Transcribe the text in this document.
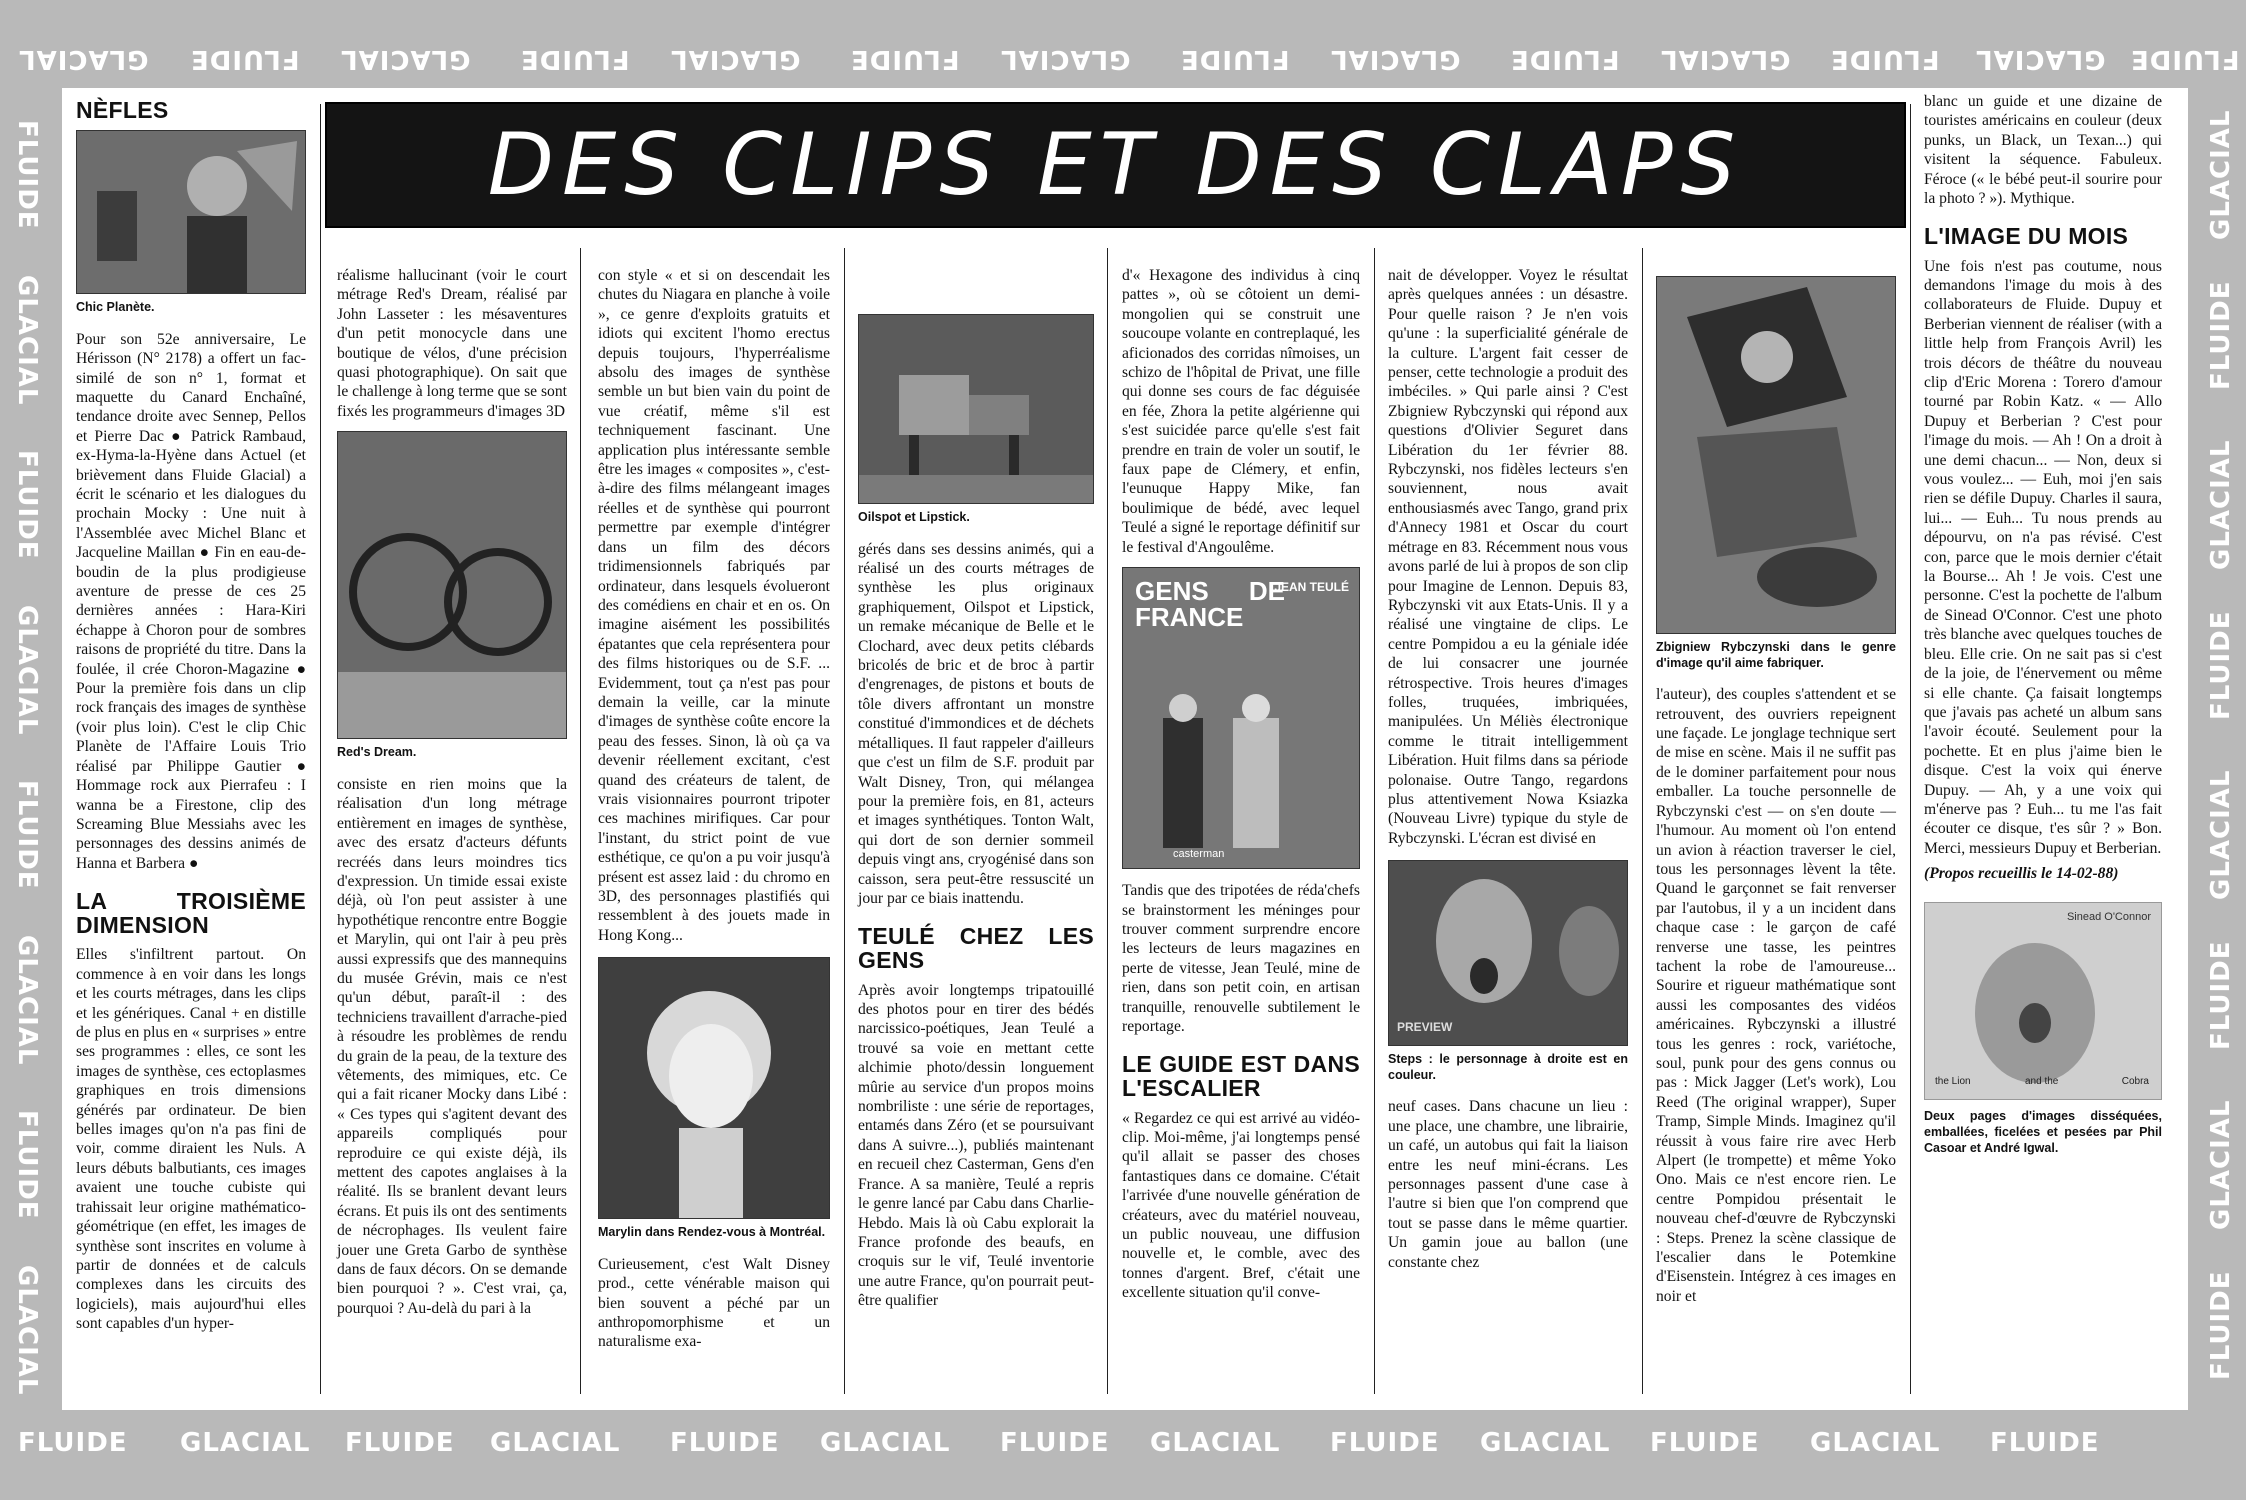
GLACIAL FLUIDE GLACIAL FLUIDE GLACIAL FLUIDE GLACIAL FLUIDE GLACIAL FLUIDE GLACIAL FLUIDE GLACIAL FLUIDE
FLUIDE GLACIAL FLUIDE GLACIAL FLUIDE GLACIAL FLUIDE GLACIAL FLUIDE GLACIAL FLUIDE GLACIAL FLUIDE
FLUIDE
GLACIAL
FLUIDE
GLACIAL
FLUIDE
GLACIAL
FLUIDE
GLACIAL
GLACIAL
FLUIDE
GLACIAL
FLUIDE
GLACIAL
FLUIDE
GLACIAL
FLUIDE
DES CLIPS ET DES CLAPS
NÈFLES
Chic Planète.

Pour son 52e anniversaire, Le Hérisson (N° 2178) a offert un fac-similé de son n° 1, format et maquette du Canard Enchaîné, tendance droite avec Sennep, Pellos et Pierre Dac ● Patrick Rambaud, ex-Hyma-la-Hyène dans Actuel (et brièvement dans Fluide Glacial) a écrit le scénario et les dialogues du prochain Mocky : Une nuit à l'Assemblée avec Michel Blanc et Jacqueline Maillan ● Fin en eau-de-boudin de la plus prodigieuse aventure de presse de ces 25 dernières années : Hara-Kiri échappe à Choron pour de sombres raisons de propriété du titre. Dans la foulée, il crée Choron-Magazine ● Pour la première fois dans un clip rock français des images de synthèse (voir plus loin). C'est le clip Chic Planète de l'Affaire Louis Trio réalisé par Philippe Gautier ● Hommage rock aux Pierrafeu : I wanna be a Firestone, clip des Screaming Blue Messiahs avec les personnages des dessins animés de Hanna et Barbera ●

LA TROISIÈME DIMENSION

Elles s'infiltrent partout. On commence à en voir dans les longs et les courts métrages, dans les clips et les génériques. Canal + en distille de plus en plus en « surprises » entre ses programmes : elles, ce sont les images de synthèse, ces ectoplasmes graphiques en trois dimensions générés par ordinateur. De bien belles images qu'on n'a pas fini de voir, comme diraient les Nuls. A leurs débuts balbutiants, ces images avaient une touche cubiste qui trahissait leur origine mathématico-géométrique (en effet, les images de synthèse sont inscrites en volume à partir de données et de calculs complexes dans les circuits des logiciels), mais aujourd'hui elles sont capables d'un hyper-

réalisme hallucinant (voir le court métrage Red's Dream, réalisé par John Lasseter : les mésaventures d'un petit monocycle dans une boutique de vélos, d'une précision quasi photographique). On sait que le challenge à long terme que se sont fixés les programmeurs d'images 3D

Red's Dream.

consiste en rien moins que la réalisation d'un long métrage entièrement en images de synthèse, avec des ersatz d'acteurs défunts recréés dans leurs moindres tics d'expression. Un timide essai existe déjà, où l'on peut assister à une hypothétique rencontre entre Boggie et Marylin, qui ont l'air à peu près aussi expressifs que des mannequins du musée Grévin, mais ce n'est qu'un début, paraît-il : des techniciens travaillent d'arrache-pied à résoudre les problèmes de rendu du grain de la peau, de la texture des vêtements, des mimiques, etc. Ce qui a fait ricaner Mocky dans Libé : « Ces types qui s'agitent devant des appareils compliqués pour reproduire ce qui existe déjà, ils mettent des capotes anglaises à la réalité. Ils se branlent devant leurs écrans. Et puis ils ont des sentiments de nécrophages. Ils veulent faire jouer une Greta Garbo de synthèse dans de faux décors. On se demande bien pourquoi ? ». C'est vrai, ça, pourquoi ? Au-delà du pari à la

con style « et si on descendait les chutes du Niagara en planche à voile », ce genre d'exploits gratuits et idiots qui excitent l'homo erectus depuis toujours, l'hyperréalisme absolu des images de synthèse semble un but bien vain du point de vue créatif, même s'il est techniquement fascinant. Une application plus intéressante semble être les images « composites », c'est-à-dire des films mélangeant images réelles et de synthèse qui pourront permettre par exemple d'intégrer dans un film des décors tridimensionnels fabriqués par ordinateur, dans lesquels évolueront des comédiens en chair et en os. On imagine aisément les possibilités épatantes que cela représentera pour des films historiques ou de S.F. ... Evidemment, tout ça n'est pas pour demain la veille, car la minute d'images de synthèse coûte encore la peau des fesses. Sinon, là où ça va devenir réellement excitant, c'est quand des créateurs de talent, de vrais visionnaires pourront tripoter ces machines mirifiques. Car pour l'instant, du strict point de vue esthétique, ce qu'on a pu voir jusqu'à présent est assez laid : du chromo en 3D, des personnages plastifiés qui ressemblent à des jouets made in Hong Kong...

Marylin dans Rendez-vous à Montréal.

Curieusement, c'est Walt Disney prod., cette vénérable maison qui bien souvent a péché par un anthropomorphisme et un naturalisme exa-

Oilspot et Lipstick.

gérés dans ses dessins animés, qui a réalisé un des courts métrages de synthèse les plus originaux graphiquement, Oilspot et Lipstick, un remake mécanique de Belle et le Clochard, avec deux petits clébards bricolés de bric et de broc à partir d'engrenages, de pistons et bouts de tôle divers affrontant un monstre constitué d'immondices et de déchets métalliques. Il faut rappeler d'ailleurs que c'est un film de S.F. produit par Walt Disney, Tron, qui mélangea pour la première fois, en 81, acteurs et images synthétiques. Tonton Walt, qui dort de son dernier sommeil depuis vingt ans, cryogénisé dans son caisson, sera peut-être ressuscité un jour par ce biais inattendu.

TEULÉ CHEZ LES GENS

Après avoir longtemps tripatouillé des photos pour en tirer des bédés narcissico-poétiques, Jean Teulé a trouvé sa voie en mettant cette alchimie photo/dessin longuement mûrie au service d'un propos moins nombriliste : une série de reportages, entamés dans Zéro (et se poursuivant dans A suivre...), publiés maintenant en recueil chez Casterman, Gens d'en France. A sa manière, Teulé a repris le genre lancé par Cabu dans Charlie-Hebdo. Mais là où Cabu explorait la France profonde des beaufs, en croquis sur le vif, Teulé inventorie une autre France, qu'on pourrait peut-être qualifier

d'« Hexagone des individus à cinq pattes », où se côtoient un demi-mongolien qui se construit une soucoupe volante en contreplaqué, les aficionados des corridas nîmoises, un schizo de l'hôpital de Privat, une fille qui donne ses cours de fac déguisée en fée, Zhora la petite algérienne qui s'est suicidée parce qu'elle s'est fait prendre en train de voler un soutif, le faux pape de Clémery, et enfin, l'eunuque Happy Mike, fan boulimique de bédé, avec lequel Teulé a signé le reportage définitif sur le festival d'Angoulême.

GENS DE FRANCE
JEAN TEULÉ
casterman

Tandis que des tripotées de réda'chefs se brainstorment les méninges pour trouver comment surprendre encore les lecteurs de leurs magazines en perte de vitesse, Jean Teulé, mine de rien, dans son petit coin, en artisan tranquille, renouvelle subtilement le reportage.

LE GUIDE EST DANS L'ESCALIER

« Regardez ce qui est arrivé au vidéo-clip. Moi-même, j'ai longtemps pensé qu'il allait se passer des choses fantastiques dans ce domaine. C'était l'arrivée d'une nouvelle génération de créateurs, avec du matériel nouveau, un public nouveau, une diffusion nouvelle et, le comble, avec des tonnes d'argent. Bref, c'était une excellente situation qu'il conve-

nait de développer. Voyez le résultat après quelques années : un désastre. Pour quelle raison ? Je n'en vois qu'une : la superficialité générale de la culture. L'argent fait cesser de penser, cette technologie a produit des imbéciles. » Qui parle ainsi ? C'est Zbigniew Rybczynski qui répond aux questions d'Olivier Seguret dans Libération du 1er février 88. Rybczynski, nos fidèles lecteurs s'en souviennent, nous avait enthousiasmés avec Tango, grand prix d'Annecy 1981 et Oscar du court métrage en 83. Récemment nous vous avons parlé de lui à propos de son clip pour Imagine de Lennon. Depuis 83, Rybczynski vit aux Etats-Unis. Il y a réalisé une vingtaine de clips. Le centre Pompidou a eu la géniale idée de lui consacrer une journée rétrospective. Trois heures d'images folles, truquées, imbriquées, manipulées. Un Méliès électronique comme le titrait intelligemment Libération. Huit films dans sa période polonaise. Outre Tango, regardons plus attentivement Nowa Ksiazka (Nouveau Livre) typique du style de Rybczynski. L'écran est divisé en

PREVIEW
Steps : le personnage à droite est en couleur.

neuf cases. Dans chacune un lieu : une place, une chambre, une librairie, un café, un autobus qui fait la liaison entre les neuf mini-écrans. Les personnages passent d'une case à l'autre si bien que l'on comprend que tout se passe dans le même quartier. Un gamin joue au ballon (une constante chez

Zbigniew Rybczynski dans le genre d'image qu'il aime fabriquer.

l'auteur), des couples s'attendent et se retrouvent, des ouvriers repeignent une façade. Le jonglage technique sert de mise en scène. Mais il ne suffit pas de le dominer parfaitement pour nous emballer. La touche personnelle de Rybczynski c'est — on s'en doute — l'humour. Au moment où l'on entend un avion à réaction traverser le ciel, tous les personnages lèvent la tête. Quand le garçonnet se fait renverser par l'autobus, il y a un incident dans chaque case : le garçon de café renverse une tasse, les peintres tachent la robe de l'amoureuse... Sourire et rigueur mathématique sont aussi les composantes des vidéos américaines. Rybczynski a illustré tous les genres : rock, variétoche, soul, punk pour des gens connus ou pas : Mick Jagger (Let's work), Lou Reed (The original wrapper), Super Tramp, Simple Minds. Imaginez qu'il réussit à vous faire rire avec Herb Alpert (le trompette) et même Yoko Ono. Mais ce n'est encore rien. Le centre Pompidou présentait le nouveau chef-d'œuvre de Rybczynski : Steps. Prenez la scène classique de l'escalier dans le Potemkine d'Eisenstein. Intégrez à ces images en noir et

blanc un guide et une dizaine de touristes américains en couleur (deux punks, un Black, un Texan...) qui visitent la séquence. Fabuleux. Féroce (« le bébé peut-il sourire pour la photo ? »). Mythique.

L'IMAGE DU MOIS

Une fois n'est pas coutume, nous demandons l'image du mois à des collaborateurs de Fluide. Dupuy et Berberian viennent de réaliser (with a little help from François Avril) les trois décors de théâtre du nouveau clip d'Eric Morena : Torero d'amour tourné par Robin Katz. « — Allo Dupuy et Berberian ? C'est pour l'image du mois. — Ah ! On a droit à une demi chacun... — Non, deux si vous voulez... — Euh, moi j'en sais rien se défile Dupuy. Charles il saura, lui... — Euh... Tu nous prends au dépourvu, on n'a pas révisé. C'est con, parce que le mois dernier c'était la Bourse... Ah ! Je vois. C'est une personne. C'est la pochette de l'album de Sinead O'Connor. C'est une photo très blanche avec quelques touches de bleu. Elle crie. On ne sait pas si c'est de la joie, de l'énervement ou même si elle chante. Ça faisait longtemps que j'avais pas acheté un album sans l'avoir écouté. Seulement pour la pochette. Et en plus j'aime bien le disque. C'est la voix qui énerve Dupuy. — Ah, y a une voix qui m'énerve pas ? Euh... tu me l'as fait écouter ce disque, t'es sûr ? » Bon. Merci, messieurs Dupuy et Berberian.

(Propos recueillis le 14-02-88)

Sinead O'Connor
the Lion	and the	Cobra
Deux pages d'images disséquées, emballées, ficelées et pesées par Phil Casoar et André Igwal.
